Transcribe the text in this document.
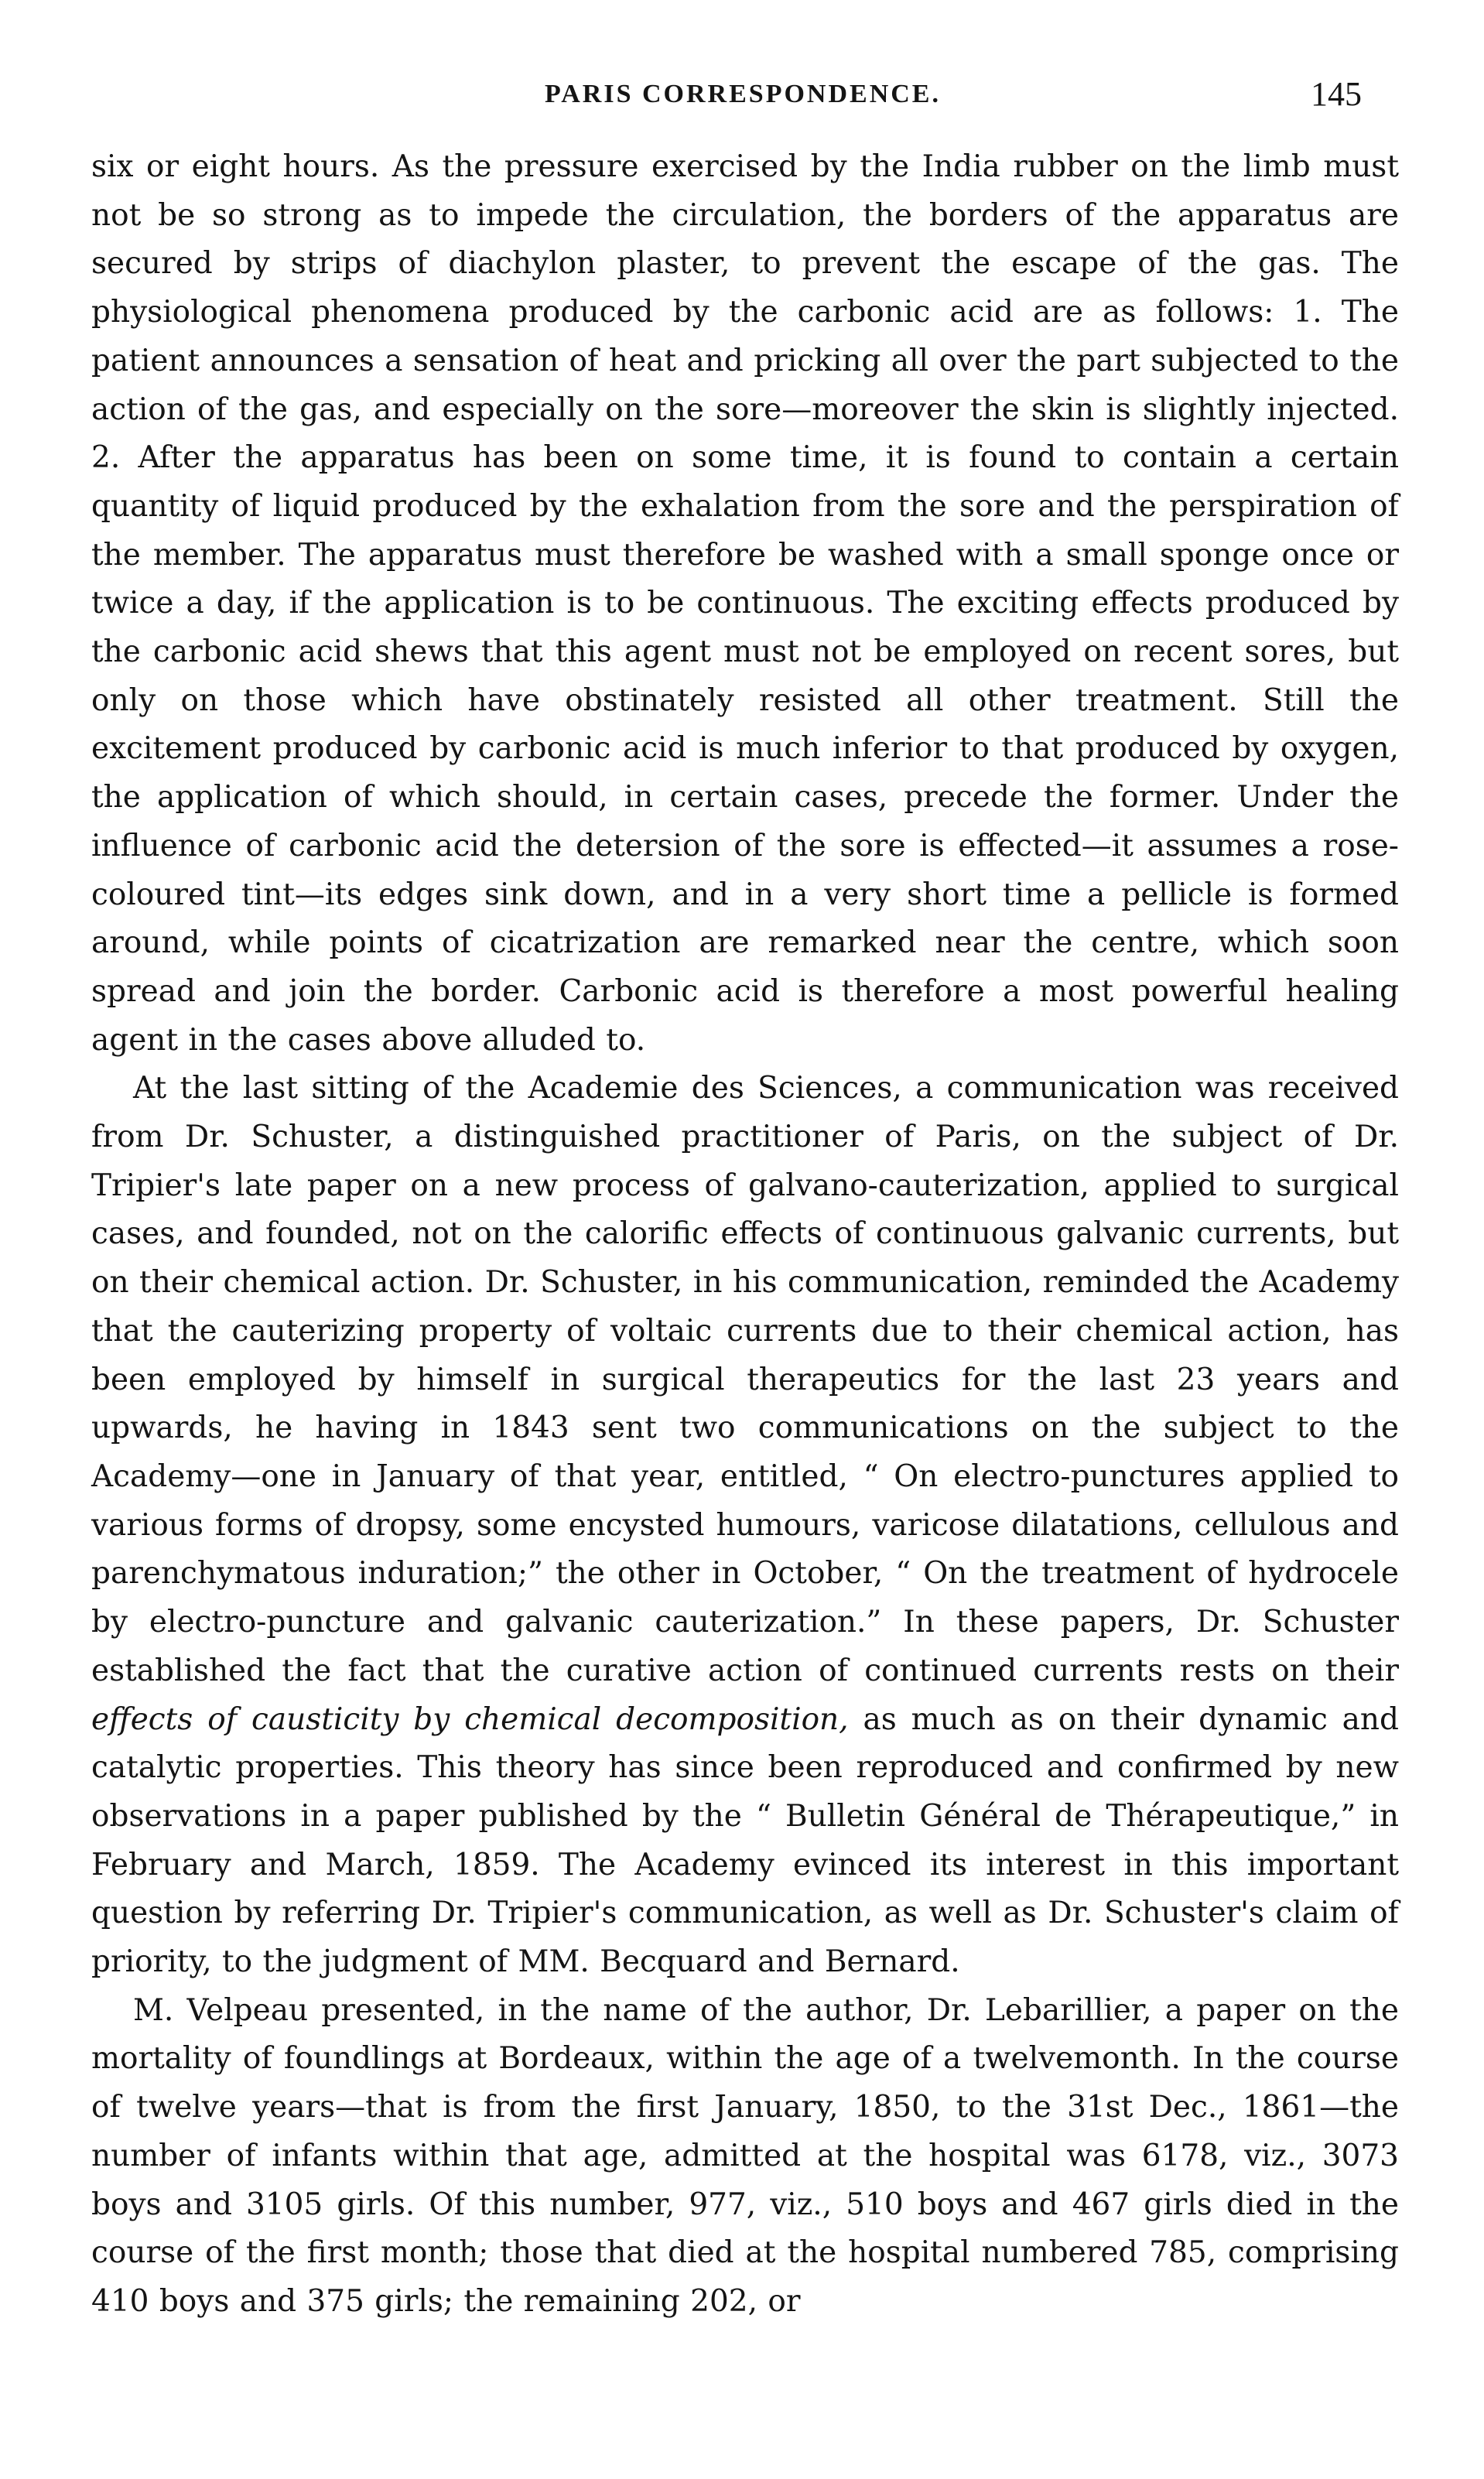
PARIS CORRESPONDENCE.	145

six or eight hours. As the pressure exercised by the India rubber on the limb must not be so strong as to impede the circulation, the borders of the apparatus are secured by strips of diachylon plaster, to prevent the escape of the gas. The physiological phenomena produced by the carbonic acid are as follows: 1. The patient announces a sensation of heat and pricking all over the part subjected to the action of the gas, and especially on the sore—moreover the skin is slightly injected. 2. After the apparatus has been on some time, it is found to contain a certain quantity of liquid produced by the exhalation from the sore and the perspiration of the member. The apparatus must therefore be washed with a small sponge once or twice a day, if the application is to be continuous. The exciting effects produced by the carbonic acid shews that this agent must not be employed on recent sores, but only on those which have obstinately resisted all other treatment. Still the excitement produced by carbonic acid is much inferior to that produced by oxygen, the application of which should, in certain cases, precede the former. Under the influence of carbonic acid the detersion of the sore is effected—it assumes a rose-coloured tint—its edges sink down, and in a very short time a pellicle is formed around, while points of cicatrization are remarked near the centre, which soon spread and join the border. Carbonic acid is therefore a most powerful healing agent in the cases above alluded to.

At the last sitting of the Academie des Sciences, a communication was received from Dr. Schuster, a distinguished practitioner of Paris, on the subject of Dr. Tripier's late paper on a new process of galvano-cauterization, applied to surgical cases, and founded, not on the calorific effects of continuous galvanic currents, but on their chemical action. Dr. Schuster, in his communication, reminded the Academy that the cauterizing property of voltaic currents due to their chemical action, has been employed by himself in surgical therapeutics for the last 23 years and upwards, he having in 1843 sent two communications on the subject to the Academy—one in January of that year, entitled, “ On electro-punctures applied to various forms of dropsy, some encysted humours, varicose dilatations, cellulous and parenchymatous induration;” the other in October, “ On the treatment of hydrocele by electro-puncture and galvanic cauterization.” In these papers, Dr. Schuster established the fact that the curative action of continued currents rests on their effects of causticity by chemical decomposition, as much as on their dynamic and catalytic properties. This theory has since been reproduced and confirmed by new observations in a paper published by the “ Bulletin Général de Thérapeutique,” in February and March, 1859. The Academy evinced its interest in this important question by referring Dr. Tripier's communication, as well as Dr. Schuster's claim of priority, to the judgment of MM. Becquard and Bernard.

M. Velpeau presented, in the name of the author, Dr. Lebarillier, a paper on the mortality of foundlings at Bordeaux, within the age of a twelvemonth. In the course of twelve years—that is from the first January, 1850, to the 31st Dec., 1861—the number of infants within that age, admitted at the hospital was 6178, viz., 3073 boys and 3105 girls. Of this number, 977, viz., 510 boys and 467 girls died in the course of the first month; those that died at the hospital numbered 785, comprising 410 boys and 375 girls; the remaining 202, or
